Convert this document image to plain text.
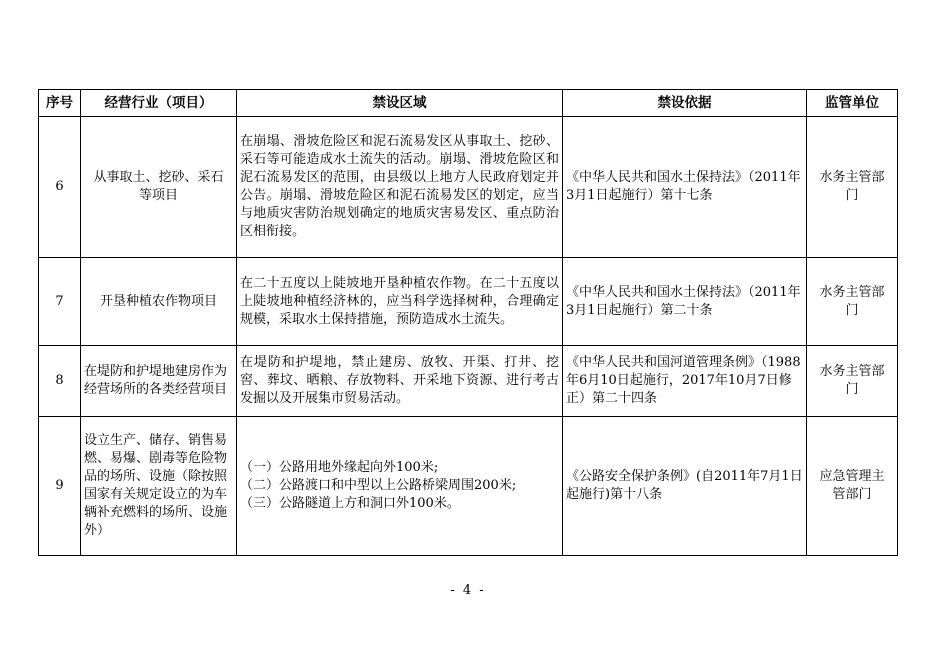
序号	经营行业（项目）	禁设区域	禁设依据	监管单位
6	从事取土、挖砂、采石等项目	在崩塌、滑坡危险区和泥石流易发区从事取土、挖砂、采石等可能造成水土流失的活动。崩塌、滑坡危险区和泥石流易发区的范围，由县级以上地方人民政府划定并公告。崩塌、滑坡危险区和泥石流易发区的划定，应当与地质灾害防治规划确定的地质灾害易发区、重点防治区相衔接。	《中华人民共和国水土保持法》（2011年3月1日起施行）第十七条	水务主管部门
7	开垦种植农作物项目	在二十五度以上陡坡地开垦种植农作物。在二十五度以上陡坡地种植经济林的，应当科学选择树种，合理确定规模，采取水土保持措施，预防造成水土流失。	《中华人民共和国水土保持法》（2011年3月1日起施行）第二十条	水务主管部门
8	在堤防和护堤地建房作为经营场所的各类经营项目	在堤防和护堤地，禁止建房、放牧、开渠、打井、挖窖、葬坟、晒粮、存放物料、开采地下资源、进行考古发掘以及开展集市贸易活动。	《中华人民共和国河道管理条例》（1988年6月10日起施行，2017年10月7日修正）第二十四条	水务主管部门
9	设立生产、储存、销售易燃、易爆、剧毒等危险物品的场所、设施（除按照国家有关规定设立的为车辆补充燃料的场所、设施外）	（一）公路用地外缘起向外100米;
（二）公路渡口和中型以上公路桥梁周围200米;
（三）公路隧道上方和洞口外100米。	《公路安全保护条例》(自2011年7月1日起施行)第十八条	应急管理主管部门
- 4 -
